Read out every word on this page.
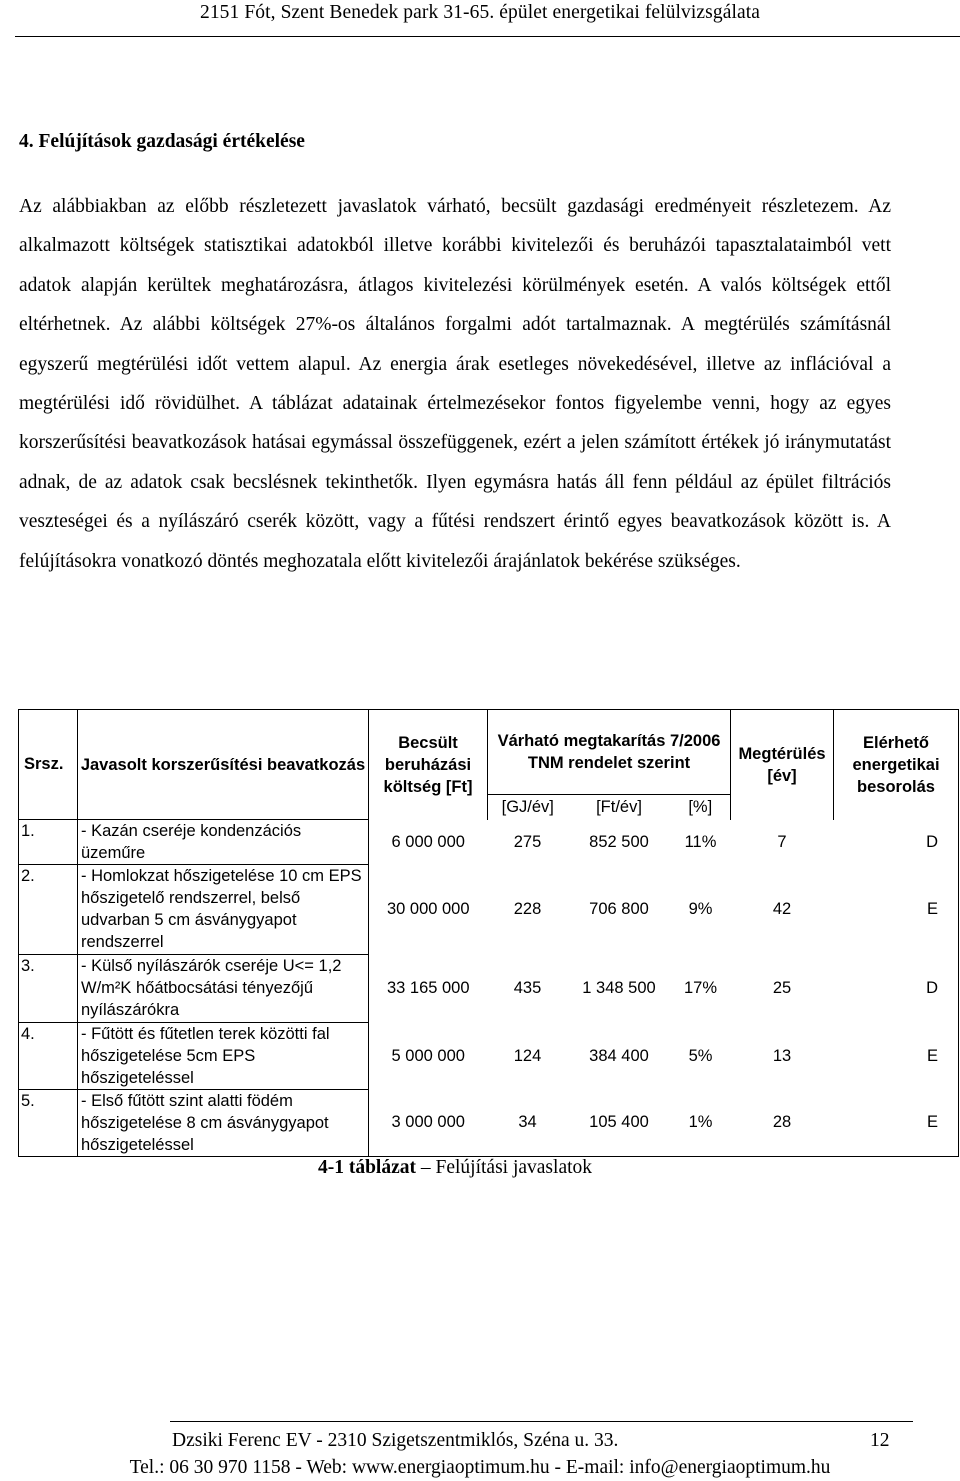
2151 Fót, Szent Benedek park 31-65. épület energetikai felülvizsgálata
4. Felújítások gazdasági értékelése
Az alábbiakban az előbb részletezett javaslatok várható, becsült gazdasági eredményeit részletezem. Az alkalmazott költségek statisztikai adatokból illetve korábbi kivitelezői és beruházói tapasztalataimból vett adatok alapján kerültek meghatározásra, átlagos kivitelezési körülmények esetén. A valós költségek ettől eltérhetnek. Az alábbi költségek 27%-os általános forgalmi adót tartalmaznak. A megtérülés számításnál egyszerű megtérülési időt vettem alapul. Az energia árak esetleges növekedésével, illetve az inflációval a megtérülési idő rövidülhet. A táblázat adatainak értelmezésekor fontos figyelembe venni, hogy az egyes korszerűsítési beavatkozások hatásai egymással összefüggenek, ezért a jelen számított értékek jó iránymutatást adnak, de az adatok csak becslésnek tekinthetők. Ilyen egymásra hatás áll fenn például az épület filtrációs veszteségei és a nyílászáró cserék között, vagy a fűtési rendszert érintő egyes beavatkozások között is. A felújításokra vonatkozó döntés meghozatala előtt kivitelezői árajánlatok bekérése szükséges.
Srsz.	Javasolt korszerűsítési beavatkozás	Becsült beruházási költség [Ft]	Várható megtakarítás 7/2006 TNM rendelet szerint			Megtérülés [év]	Elérhető energetikai besorolás
			[GJ/év]	[Ft/év]	[%]		
1.	- Kazán cseréje kondenzációs üzeműre	6 000 000	275	852 500	11%	7	D
2.	- Homlokzat hőszigetelése 10 cm EPS hőszigetelő rendszerrel, belső udvarban 5 cm ásványgyapot rendszerrel	30 000 000	228	706 800	9%	42	E
3.	- Külső nyílászárók cseréje U<= 1,2 W/m²K hőátbocsátási tényezőjű nyílászárókra	33 165 000	435	1 348 500	17%	25	D
4.	- Fűtött és fűtetlen terek közötti fal hőszigetelése 5cm EPS hőszigeteléssel	5 000 000	124	384 400	5%	13	E
5.	- Első fűtött szint alatti födém hőszigetelése 8 cm ásványgyapot hőszigeteléssel	3 000 000	34	105 400	1%	28	E
4-1 táblázat – Felújítási javaslatok
Dzsiki Ferenc EV - 2310 Szigetszentmiklós, Széna u. 33.	12
Tel.: 06 30 970 1158 - Web: www.energiaoptimum.hu - E-mail: info@energiaoptimum.hu
